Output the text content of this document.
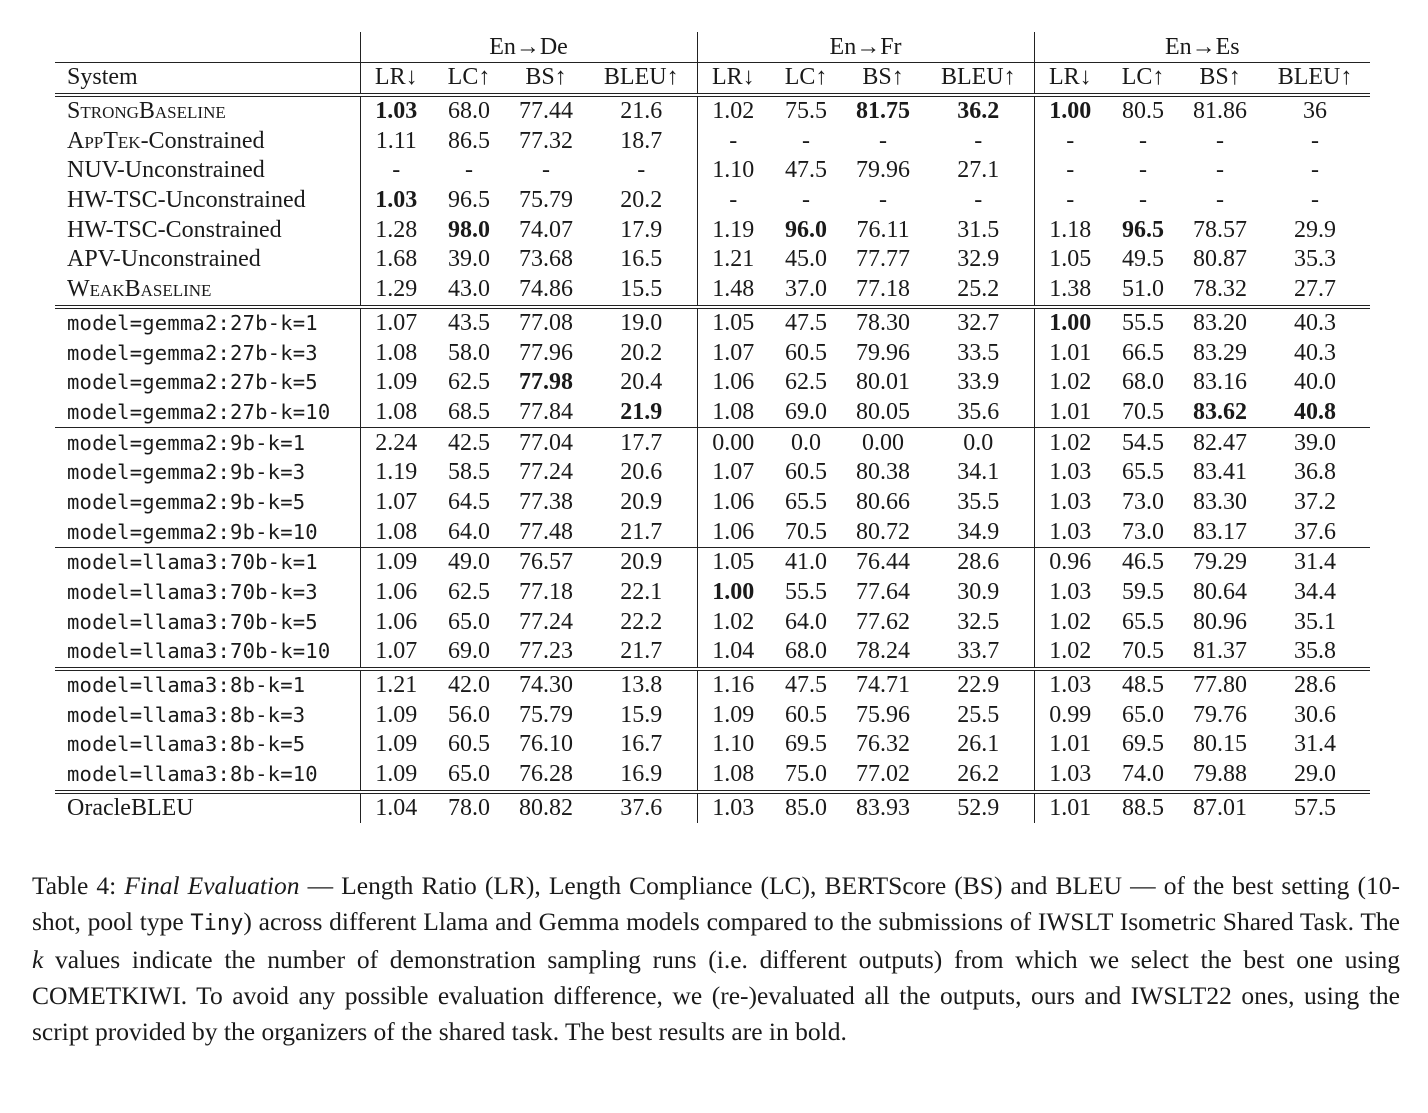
	En→De				En→Fr				En→Es			
System	LR↓	LC↑	BS↑	BLEU↑	LR↓	LC↑	BS↑	BLEU↑	LR↓	LC↑	BS↑	BLEU↑
StrongBaseline	1.03	68.0	77.44	21.6	1.02	75.5	81.75	36.2	1.00	80.5	81.86	36
AppTek-Constrained	1.11	86.5	77.32	18.7	-	-	-	-	-	-	-	-
NUV-Unconstrained	-	-	-	-	1.10	47.5	79.96	27.1	-	-	-	-
HW-TSC-Unconstrained	1.03	96.5	75.79	20.2	-	-	-	-	-	-	-	-
HW-TSC-Constrained	1.28	98.0	74.07	17.9	1.19	96.0	76.11	31.5	1.18	96.5	78.57	29.9
APV-Unconstrained	1.68	39.0	73.68	16.5	1.21	45.0	77.77	32.9	1.05	49.5	80.87	35.3
WeakBaseline	1.29	43.0	74.86	15.5	1.48	37.0	77.18	25.2	1.38	51.0	78.32	27.7
model=gemma2:27b-k=1	1.07	43.5	77.08	19.0	1.05	47.5	78.30	32.7	1.00	55.5	83.20	40.3
model=gemma2:27b-k=3	1.08	58.0	77.96	20.2	1.07	60.5	79.96	33.5	1.01	66.5	83.29	40.3
model=gemma2:27b-k=5	1.09	62.5	77.98	20.4	1.06	62.5	80.01	33.9	1.02	68.0	83.16	40.0
model=gemma2:27b-k=10	1.08	68.5	77.84	21.9	1.08	69.0	80.05	35.6	1.01	70.5	83.62	40.8
model=gemma2:9b-k=1	2.24	42.5	77.04	17.7	0.00	0.0	0.00	0.0	1.02	54.5	82.47	39.0
model=gemma2:9b-k=3	1.19	58.5	77.24	20.6	1.07	60.5	80.38	34.1	1.03	65.5	83.41	36.8
model=gemma2:9b-k=5	1.07	64.5	77.38	20.9	1.06	65.5	80.66	35.5	1.03	73.0	83.30	37.2
model=gemma2:9b-k=10	1.08	64.0	77.48	21.7	1.06	70.5	80.72	34.9	1.03	73.0	83.17	37.6
model=llama3:70b-k=1	1.09	49.0	76.57	20.9	1.05	41.0	76.44	28.6	0.96	46.5	79.29	31.4
model=llama3:70b-k=3	1.06	62.5	77.18	22.1	1.00	55.5	77.64	30.9	1.03	59.5	80.64	34.4
model=llama3:70b-k=5	1.06	65.0	77.24	22.2	1.02	64.0	77.62	32.5	1.02	65.5	80.96	35.1
model=llama3:70b-k=10	1.07	69.0	77.23	21.7	1.04	68.0	78.24	33.7	1.02	70.5	81.37	35.8
model=llama3:8b-k=1	1.21	42.0	74.30	13.8	1.16	47.5	74.71	22.9	1.03	48.5	77.80	28.6
model=llama3:8b-k=3	1.09	56.0	75.79	15.9	1.09	60.5	75.96	25.5	0.99	65.0	79.76	30.6
model=llama3:8b-k=5	1.09	60.5	76.10	16.7	1.10	69.5	76.32	26.1	1.01	69.5	80.15	31.4
model=llama3:8b-k=10	1.09	65.0	76.28	16.9	1.08	75.0	77.02	26.2	1.03	74.0	79.88	29.0
OracleBLEU	1.04	78.0	80.82	37.6	1.03	85.0	83.93	52.9	1.01	88.5	87.01	57.5
Table 4: Final Evaluation — Length Ratio (LR), Length Compliance (LC), BERTScore (BS) and BLEU — of the best setting (10-shot, pool type Tiny) across different Llama and Gemma models compared to the submissions of IWSLT Isometric Shared Task. The k values indicate the number of demonstration sampling runs (i.e. different outputs) from which we select the best one using COMETKIWI. To avoid any possible evaluation difference, we (re-)evaluated all the outputs, ours and IWSLT22 ones, using the script provided by the organizers of the shared task. The best results are in bold.
